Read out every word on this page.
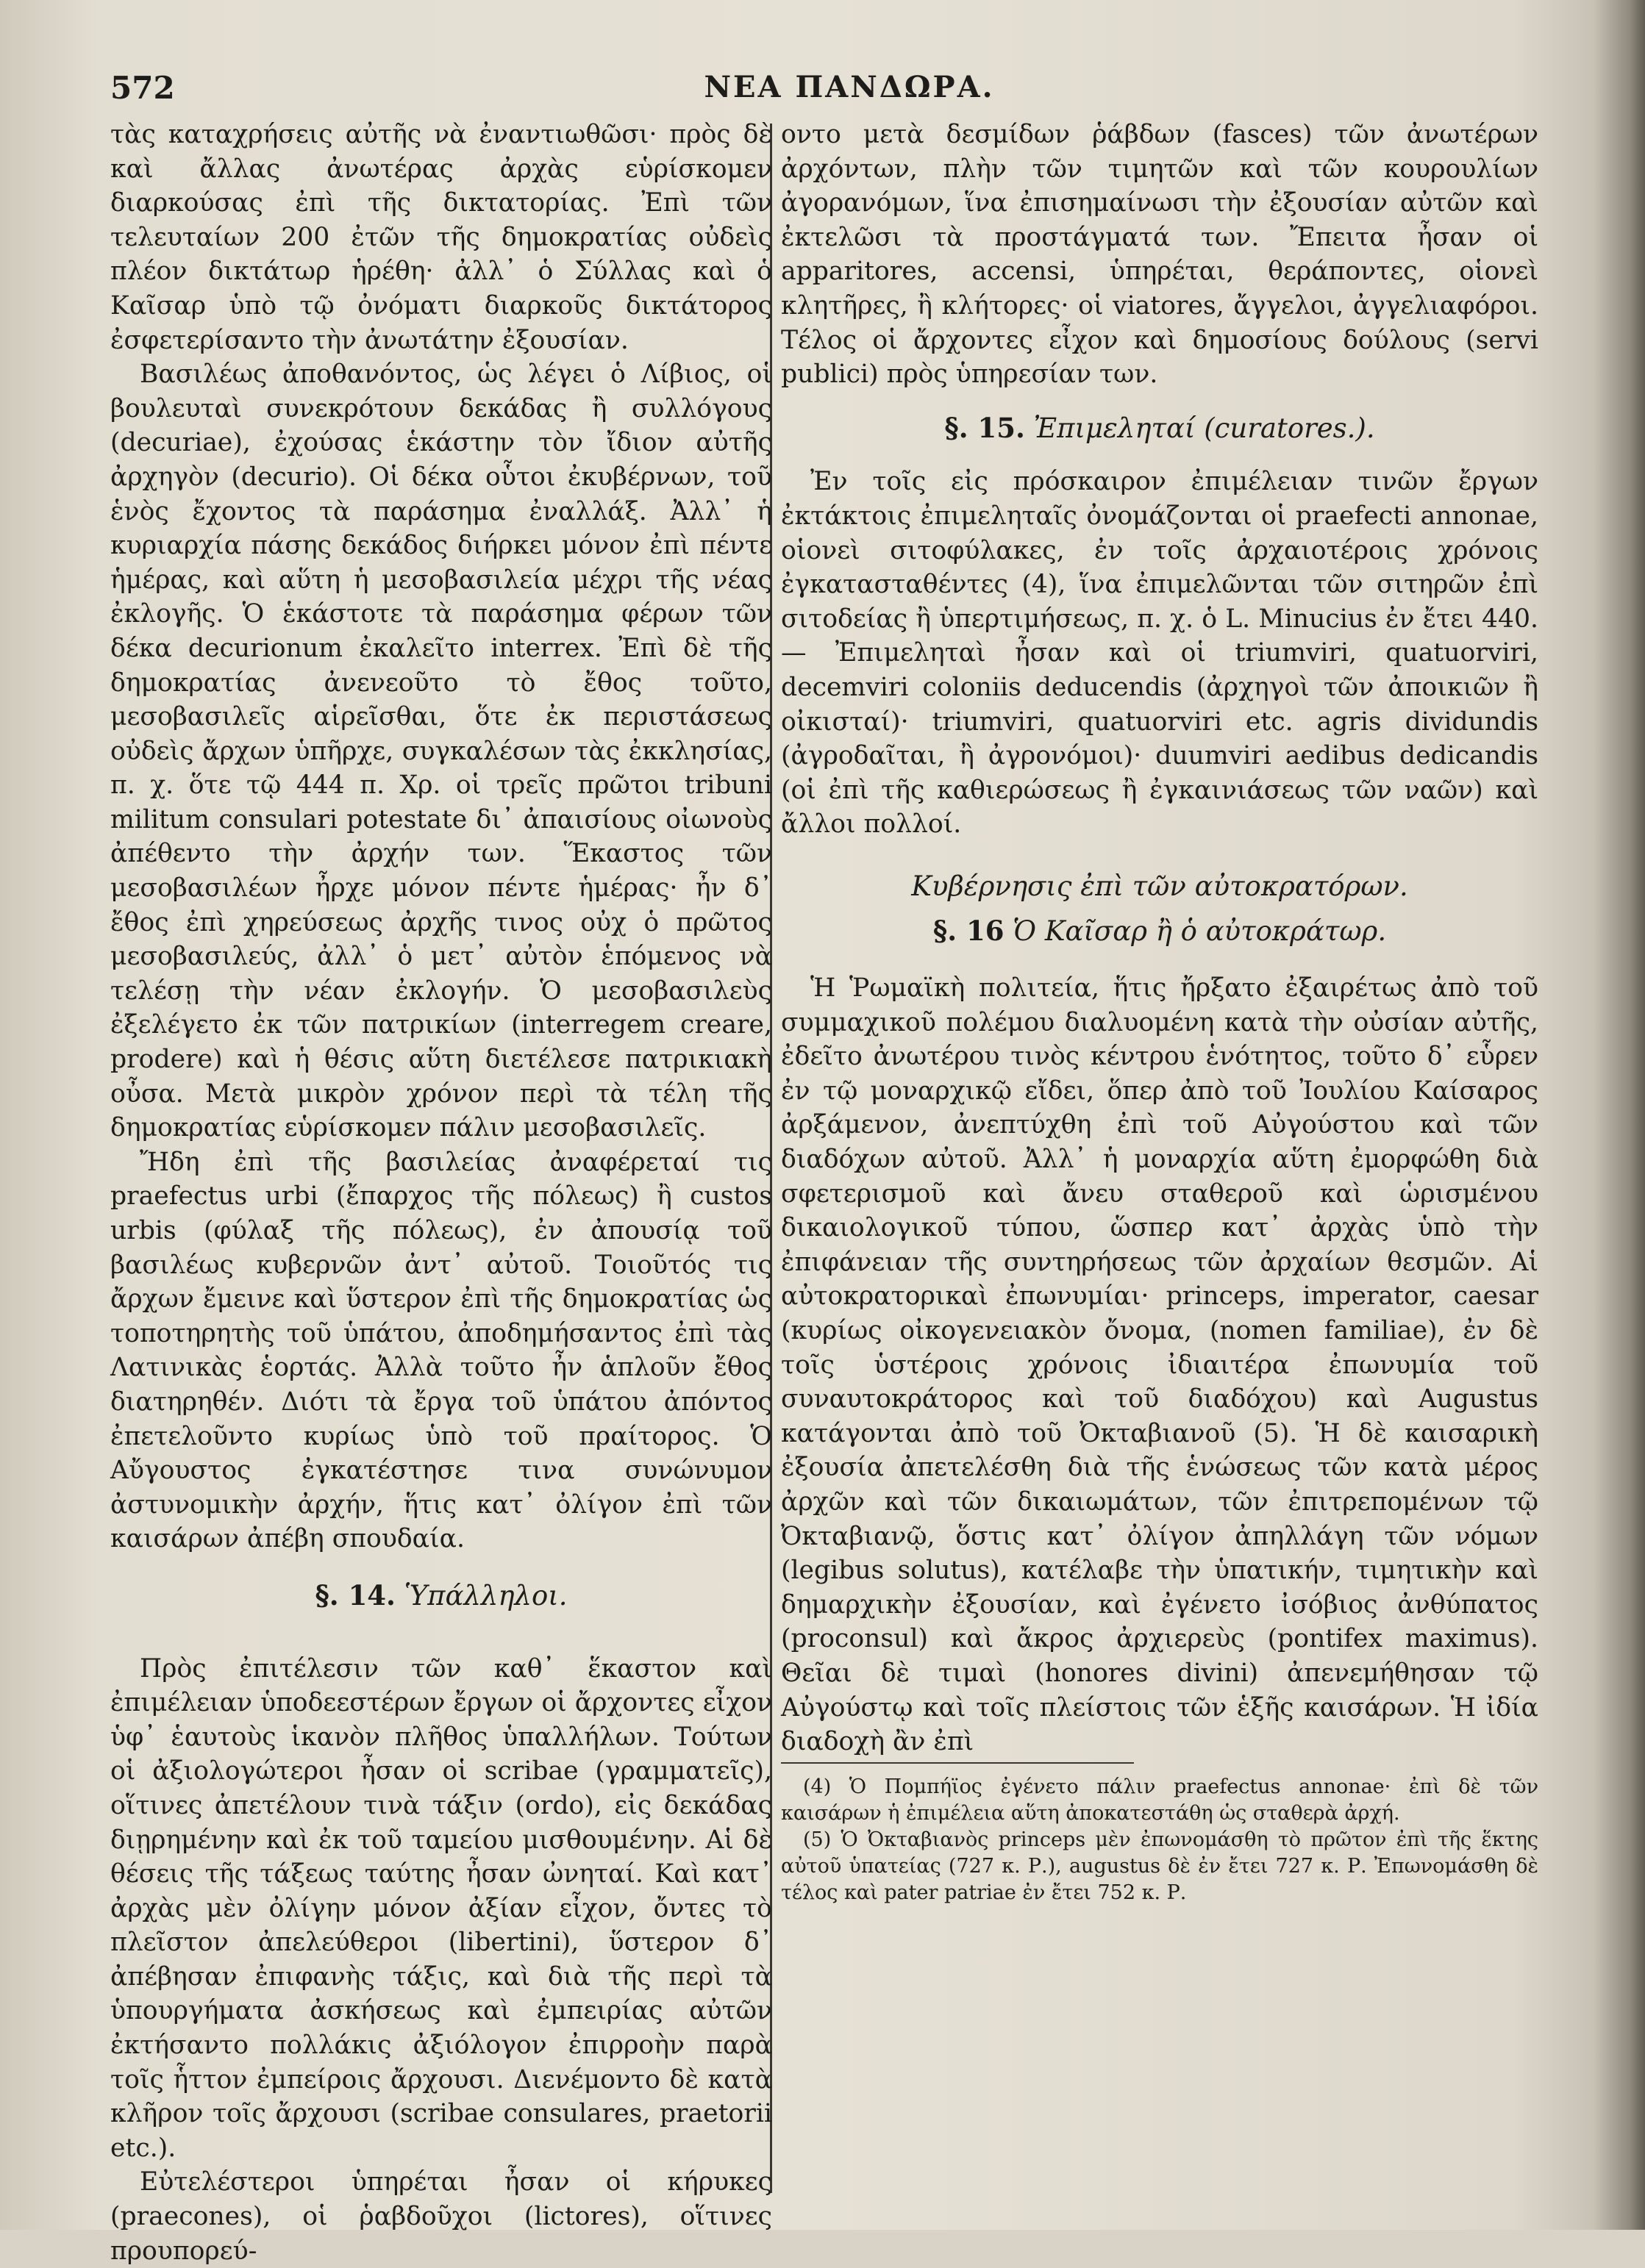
572	ΝΕΑ ΠΑΝΔΩΡΑ.

τὰς καταχρήσεις αὐτῆς νὰ ἐναντιωθῶσι· πρὸς δὲ καὶ ἄλλας ἀνωτέρας ἀρχὰς εὑρίσκομεν διαρκούσας ἐπὶ τῆς δικτατορίας. Ἐπὶ τῶν τελευταίων 200 ἐτῶν τῆς δημοκρατίας οὐδεὶς πλέον δικτάτωρ ἡρέθη· ἀλλ᾽ ὁ Σύλλας καὶ ὁ Καῖσαρ ὑπὸ τῷ ὀνόματι διαρκοῦς δικτάτορος ἐσφετερίσαντο τὴν ἀνωτάτην ἐξουσίαν.

Βασιλέως ἀποθανόντος, ὡς λέγει ὁ Λίβιος, οἱ βουλευταὶ συνεκρότουν δεκάδας ἢ συλλόγους (decuriae), ἐχούσας ἑκάστην τὸν ἴδιον αὐτῆς ἀρχηγὸν (decurio). Οἱ δέκα οὗτοι ἐκυβέρνων, τοῦ ἑνὸς ἔχοντος τὰ παράσημα ἐναλλάξ. Ἀλλ᾽ ἡ κυριαρχία πάσης δεκάδος διήρκει μόνον ἐπὶ πέντε ἡμέρας, καὶ αὕτη ἡ μεσοβασιλεία μέχρι τῆς νέας ἐκλογῆς. Ὁ ἑκάστοτε τὰ παράσημα φέρων τῶν δέκα decurionum ἐκαλεῖτο interrex. Ἐπὶ δὲ τῆς δημοκρατίας ἀνενεοῦτο τὸ ἔθος τοῦτο, μεσοβασιλεῖς αἱρεῖσθαι, ὅτε ἐκ περιστάσεως οὐδεὶς ἄρχων ὑπῆρχε, συγκαλέσων τὰς ἐκκλησίας, π. χ. ὅτε τῷ 444 π. Χρ. οἱ τρεῖς πρῶτοι tribuni militum consulari potestate δι᾽ ἀπαισίους οἰωνοὺς ἀπέθεντο τὴν ἀρχήν των. Ἕκαστος τῶν μεσοβασιλέων ἦρχε μόνον πέντε ἡμέρας· ἦν δ᾽ ἔθος ἐπὶ χηρεύσεως ἀρχῆς τινος οὐχ ὁ πρῶτος μεσοβασιλεύς, ἀλλ᾽ ὁ μετ᾽ αὐτὸν ἑπόμενος νὰ τελέσῃ τὴν νέαν ἐκλογήν. Ὁ μεσοβασιλεὺς ἐξελέγετο ἐκ τῶν πατρικίων (interregem creare, prodere) καὶ ἡ θέσις αὕτη διετέλεσε πατρικιακὴ οὖσα. Μετὰ μικρὸν χρόνον περὶ τὰ τέλη τῆς δημοκρατίας εὑρίσκομεν πάλιν μεσοβασιλεῖς.

Ἤδη ἐπὶ τῆς βασιλείας ἀναφέρεταί τις praefectus urbi (ἔπαρχος τῆς πόλεως) ἢ custos urbis (φύλαξ τῆς πόλεως), ἐν ἀπουσίᾳ τοῦ βασιλέως κυβερνῶν ἀντ᾽ αὐτοῦ. Τοιοῦτός τις ἄρχων ἔμεινε καὶ ὕστερον ἐπὶ τῆς δημοκρατίας ὡς τοποτηρητὴς τοῦ ὑπάτου, ἀποδημήσαντος ἐπὶ τὰς Λατινικὰς ἑορτάς. Ἀλλὰ τοῦτο ἦν ἁπλοῦν ἔθος διατηρηθέν. Διότι τὰ ἔργα τοῦ ὑπάτου ἀπόντος ἐπετελοῦντο κυρίως ὑπὸ τοῦ πραίτορος. Ὁ Αὔγουστος ἐγκατέστησε τινα συνώνυμον ἀστυνομικὴν ἀρχήν, ἥτις κατ᾽ ὀλίγον ἐπὶ τῶν καισάρων ἀπέβη σπουδαία.

§. 14. Ὑπάλληλοι.

Πρὸς ἐπιτέλεσιν τῶν καθ᾽ ἕκαστον καὶ ἐπιμέλειαν ὑποδεεστέρων ἔργων οἱ ἄρχοντες εἶχον ὑφ᾽ ἑαυτοὺς ἱκανὸν πλῆθος ὑπαλλήλων. Τούτων οἱ ἀξιολογώτεροι ἦσαν οἱ scribae (γραμματεῖς), οἵτινες ἀπετέλουν τινὰ τάξιν (ordo), εἰς δεκάδας διῃρημένην καὶ ἐκ τοῦ ταμείου μισθουμένην. Αἱ δὲ θέσεις τῆς τάξεως ταύτης ἦσαν ὠνηταί. Καὶ κατ᾽ ἀρχὰς μὲν ὀλίγην μόνον ἀξίαν εἶχον, ὄντες τὸ πλεῖστον ἀπελεύθεροι (libertini), ὕστερον δ᾽ ἀπέβησαν ἐπιφανὴς τάξις, καὶ διὰ τῆς περὶ τὰ ὑπουργήματα ἀσκήσεως καὶ ἐμπειρίας αὐτῶν ἐκτήσαντο πολλάκις ἀξιόλογον ἐπιρροὴν παρὰ τοῖς ἧττον ἐμπείροις ἄρχουσι. Διενέμοντο δὲ κατὰ κλῆρον τοῖς ἄρχουσι (scribae consulares, praetorii etc.).

Εὐτελέστεροι ὑπηρέται ἦσαν οἱ κήρυκες (praecones), οἱ ῥαβδοῦχοι (lictores), οἵτινες προυπορεύ-

οντο μετὰ δεσμίδων ῥάβδων (fasces) τῶν ἀνωτέρων ἀρχόντων, πλὴν τῶν τιμητῶν καὶ τῶν κουρουλίων ἀγορανόμων, ἵνα ἐπισημαίνωσι τὴν ἐξουσίαν αὐτῶν καὶ ἐκτελῶσι τὰ προστάγματά των. Ἔπειτα ἦσαν οἱ apparitores, accensi, ὑπηρέται, θεράποντες, οἱονεὶ κλητῆρες, ἢ κλήτορες· οἱ viatores, ἄγγελοι, ἀγγελιαφόροι. Τέλος οἱ ἄρχοντες εἶχον καὶ δημοσίους δούλους (servi publici) πρὸς ὑπηρεσίαν των.

§. 15. Ἐπιμεληταί (curatores.).

Ἐν τοῖς εἰς πρόσκαιρον ἐπιμέλειαν τινῶν ἔργων ἐκτάκτοις ἐπιμεληταῖς ὀνομάζονται οἱ praefecti annonae, οἱονεὶ σιτοφύλακες, ἐν τοῖς ἀρχαιοτέροις χρόνοις ἐγκατασταθέντες (4), ἵνα ἐπιμελῶνται τῶν σιτηρῶν ἐπὶ σιτοδείας ἢ ὑπερτιμήσεως, π. χ. ὁ L. Minucius ἐν ἔτει 440. — Ἐπιμεληταὶ ἦσαν καὶ οἱ triumviri, quatuorviri, decemviri coloniis deducendis (ἀρχηγοὶ τῶν ἀποικιῶν ἢ οἰκισταί)· triumviri, quatuorviri etc. agris dividundis (ἀγροδαῖται, ἢ ἀγρονόμοι)· duumviri aedibus dedicandis (οἱ ἐπὶ τῆς καθιερώσεως ἢ ἐγκαινιάσεως τῶν ναῶν) καὶ ἄλλοι πολλοί.

Κυβέρνησις ἐπὶ τῶν αὐτοκρατόρων.

§. 16 Ὁ Καῖσαρ ἢ ὁ αὐτοκράτωρ.

Ἡ Ῥωμαϊκὴ πολιτεία, ἥτις ἤρξατο ἐξαιρέτως ἀπὸ τοῦ συμμαχικοῦ πολέμου διαλυομένη κατὰ τὴν οὐσίαν αὐτῆς, ἐδεῖτο ἀνωτέρου τινὸς κέντρου ἑνότητος, τοῦτο δ᾽ εὗρεν ἐν τῷ μοναρχικῷ εἴδει, ὅπερ ἀπὸ τοῦ Ἰουλίου Καίσαρος ἀρξάμενον, ἀνεπτύχθη ἐπὶ τοῦ Αὐγούστου καὶ τῶν διαδόχων αὐτοῦ. Ἀλλ᾽ ἡ μοναρχία αὕτη ἐμορφώθη διὰ σφετερισμοῦ καὶ ἄνευ σταθεροῦ καὶ ὡρισμένου δικαιολογικοῦ τύπου, ὥσπερ κατ᾽ ἀρχὰς ὑπὸ τὴν ἐπιφάνειαν τῆς συντηρήσεως τῶν ἀρχαίων θεσμῶν. Αἱ αὐτοκρατορικαὶ ἐπωνυμίαι· princeps, imperator, caesar (κυρίως οἰκογενειακὸν ὄνομα, (nomen familiae), ἐν δὲ τοῖς ὑστέροις χρόνοις ἰδιαιτέρα ἐπωνυμία τοῦ συναυτοκράτορος καὶ τοῦ διαδόχου) καὶ Augustus κατάγονται ἀπὸ τοῦ Ὀκταβιανοῦ (5). Ἡ δὲ καισαρικὴ ἐξουσία ἀπετελέσθη διὰ τῆς ἑνώσεως τῶν κατὰ μέρος ἀρχῶν καὶ τῶν δικαιωμάτων, τῶν ἐπιτρεπομένων τῷ Ὀκταβιανῷ, ὅστις κατ᾽ ὀλίγον ἀπηλλάγη τῶν νόμων (legibus solutus), κατέλαβε τὴν ὑπατικήν, τιμητικὴν καὶ δημαρχικὴν ἐξουσίαν, καὶ ἐγένετο ἰσόβιος ἀνθύπατος (proconsul) καὶ ἄκρος ἀρχιερεὺς (pontifex maximus). Θεῖαι δὲ τιμαὶ (honores divini) ἀπενεμήθησαν τῷ Αὐγούστῳ καὶ τοῖς πλείστοις τῶν ἑξῆς καισάρων. Ἡ ἰδία διαδοχὴ ἂν ἐπὶ

(4) Ὁ Πομπήϊος ἐγένετο πάλιν praefectus annonae· ἐπὶ δὲ τῶν καισάρων ἡ ἐπιμέλεια αὕτη ἀποκατεστάθη ὡς σταθερὰ ἀρχή.

(5) Ὁ Ὀκταβιανὸς princeps μὲν ἐπωνομάσθη τὸ πρῶτον ἐπὶ τῆς ἕκτης αὐτοῦ ὑπατείας (727 κ. Ρ.), augustus δὲ ἐν ἔτει 727 κ. Ρ. Ἐπωνομάσθη δὲ τέλος καὶ pater patriae ἐν ἔτει 752 κ. Ρ.
